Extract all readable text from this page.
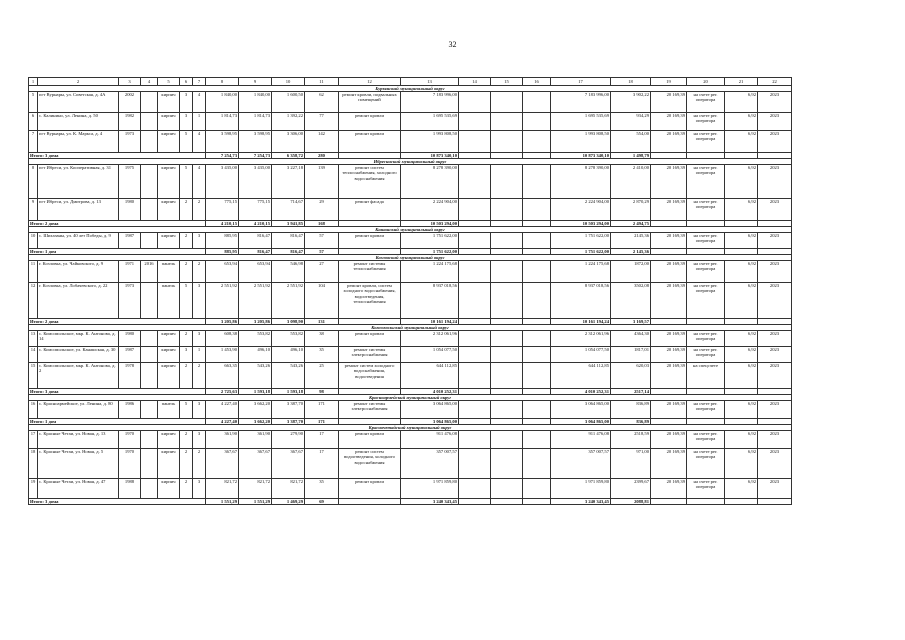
32
1	2	3	4	5	6	7	8	9	10	11	12	13	14	15	16	17	18	19	20	21	22
Бурзянский муниципальный округ																					
5	пгт Вурнары, ул. Советская, д. 4А	2002		кирпич	3	4	1 840,00	1 840,00	1 600,50	62	ремонт кровли, подвальных помещений	7 183 996,00				7 183 996,00	3 902,22	20 169,39	на счете рег. оператора	6,92	2023
6	с. Калинино, ул. Ленина, д. 50	1982		кирпич	3	1	1 814,73	1 814,73	1 392,22	77	ремонт кровли	1 695 535,69				1 695 535,69	934,29	20 169,39	на счете рег. оператора	6,92	2023
7	пгт Вурнары, ул. К. Маркса, д. 4	1973		кирпич	5	4	3 598,95	3 598,95	3 306,00	142	ремонт кровли	1 993 808,50				1 993 808,50	554,00	20 169,39	на счете рег. оператора	6,92	2023
Итого: 3 дома							7 254,73	7 254,73	6 358,72	280		10 873 340,10				10 873 340,10	1 498,79				
Ибресинский муниципальный округ																					
8	пгт Ибреси, ул. Кооперативная, д. 31	1975		кирпич	5	4	3 435,00	3 435,00	3 227,18	139	ремонт систем теплоснабжения, холодного водоснабжения	8 278 390,00				8 278 390,00	2 410,00	20 169,39	на счете рег. оператора	6,92	2023
9	пгт Ибреси, ул. Дмитрова, д. 13	1980		кирпич	2	2	775,15	775,15	714,67	29	ремонт фасада	2 224 904,00				2 224 904,00	2 870,29	20 169,39	на счете рег. оператора	6,92	2023
Итого: 2 дома							4 210,15	4 210,15	3 941,85	168		10 503 294,00				10 503 294,00	2 494,75				
Канашский муниципальный округ																					
10	с. Шихазаны, ул. 40 лет Победы, д. 9	1987		кирпич	2	3	885,95	816,47	816,47	57	ремонт кровли	1 751 622,00				1 751 622,00	2145,36	20 169,39	на счете рег. оператора	6,92	2023
Итого: 1 дом							885,95	816,47	816,47	57		1 751 622,00				1 751 622,00	2 145,36				
Козловский муниципальный округ																					
11	г. Козловка, ул. Чайковского, д. 9	1971	2016	панель	2	2	653,94	653,94	546,98	27	ремонт системы теплоснабжения	1 224 175,68				1 224 175,68	1872,00	20 169,39	на счете рег. оператора	6,92	2023
12	г. Козловка, ул. Лобачевского, д. 22	1973		панель	5	3	2 551,92	2 551,92	2 551,92	104	ремонт кровли, систем холодного водоснабжения, водоотведения, теплоснабжения	8 937 018,56				8 937 018,56	3502,08	20 169,39	на счете рег. оператора	6,92	2023
Итого: 2 дома							3 205,86	3 205,86	3 098,90	131		10 161 194,24				10 161 194,24	3 169,57				
Комсомольский муниципальный округ																					
13	с. Комсомольское, мкр. К. Антонова, д. 14	1980		кирпич	2	3	608,38	553,82	553,82	38	ремонт кровли	2 312 061,96				2 312 061,96	4364,30	20 169,39	на счете рег. оператора	6,92	2023
14	с. Комсомольское, ул. Канашская, д. 30	1987		кирпич	3	1	1 453,90	496,10	496,10	35	ремонт системы электроснабжения	1 054 077,50				1 054 077,50	1817,01	20 169,39	на счете рег. оператора	6,92	2023
15	с. Комсомольское, мкр. К. Антонова, д. 2	1978		кирпич	2	2	663,35	543,26	543,26	25	ремонт систем холодного водоснабжения, водоотведения	644 112,85				644 112,85	620,03	20 169,39	на спецсчете	6,92	2023
Итого: 3 дома							2 725,63	1 593,18	1 593,18	98		4 010 252,31				4 010 252,31	2517,14				
Красноармейский муниципальный округ																					
16	с. Красноармейское, ул. Ленина, д. 80	1986		панель	5	3	4 227,40	3 662,20	3 387,70	171	ремонт системы электроснабжения	3 064 865,00				3 064 865,00	836,89	20 169,39	на счете рег. оператора	6,92	2023
Итого: 1 дом							4 227,40	3 662,20	3 387,70	171		3 064 865,00				3 064 865,00	836,89				
Красночетайский муниципальный округ																					
17	с. Красные Четаи, ул. Новая, д. 13	1970		кирпич	2	3	361,90	361,90	279,90	17	ремонт кровли	911 476,08				911 476,08	2518,59	20 169,39	на счете рег. оператора	6,92	2023
18	с. Красные Четаи, ул. Новая, д. 5	1970		кирпич	2	2	367,67	367,67	367,67	17	ремонт систем водоотведения, холодного водоснабжения	357 007,57				357 007,57	971,00	20 169,39	на счете рег. оператора	6,92	2023
19	с. Красные Четаи, ул. Новая, д. 47	1988		кирпич	2	3	821,72	821,72	821,72	35	ремонт кровли	1 971 859,80				1 971 859,80	2399,67	20 169,39	на счете рег. оператора	6,92	2023
Итого: 3 дома							1 551,29	1 551,29	1 469,29	69		3 240 343,45				3 240 343,45	2088,81				
